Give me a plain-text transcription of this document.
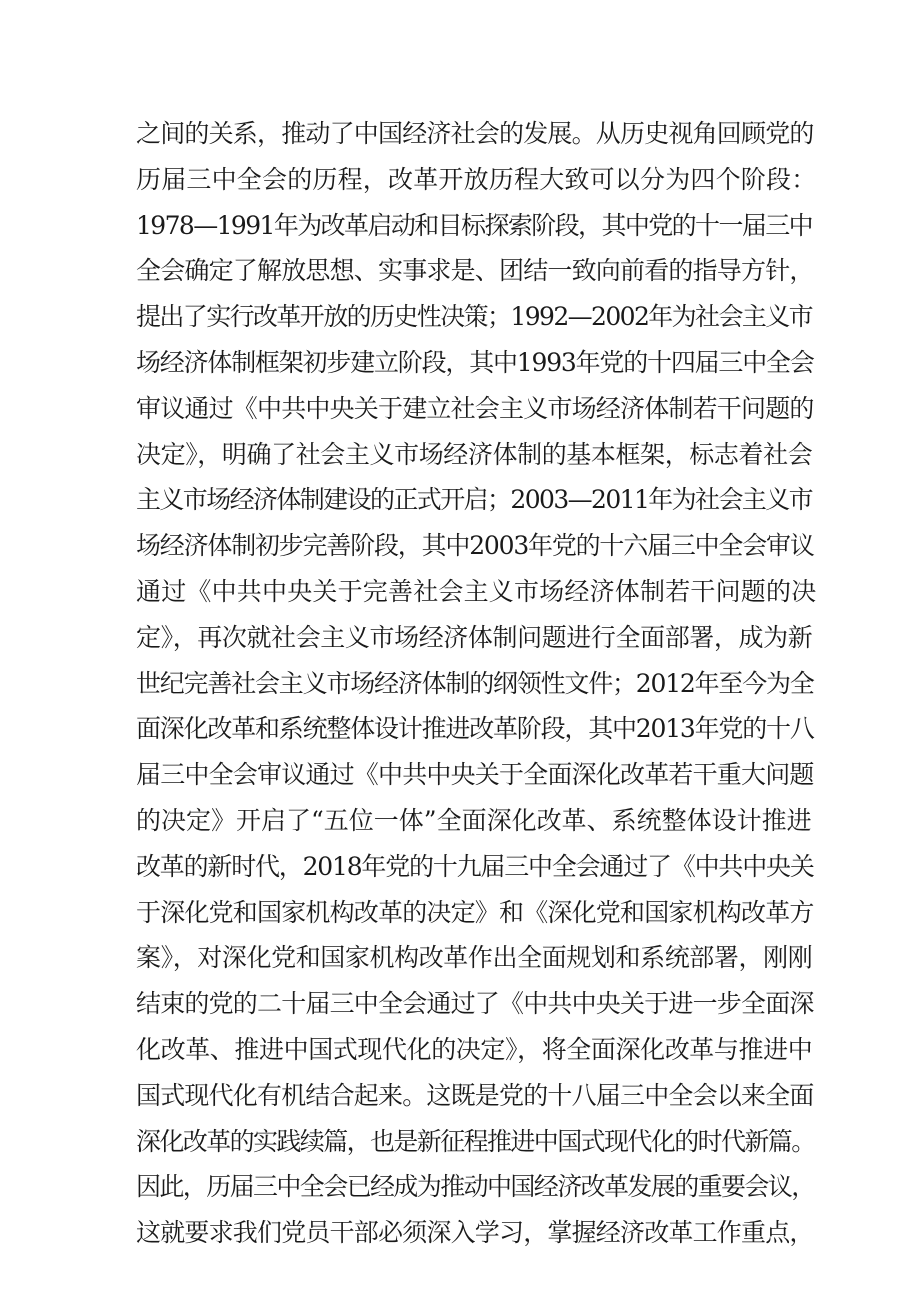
之间的关系，推动了中国经济社会的发展。从历史视角回顾党的
历届三中全会的历程，改革开放历程大致可以分为四个阶段：
1978—1991年为改革启动和目标探索阶段，其中党的十一届三中
全会确定了解放思想、实事求是、团结一致向前看的指导方针，
提出了实行改革开放的历史性决策；1992—2002年为社会主义市
场经济体制框架初步建立阶段，其中1993年党的十四届三中全会
审议通过《中共中央关于建立社会主义市场经济体制若干问题的
决定》，明确了社会主义市场经济体制的基本框架，标志着社会
主义市场经济体制建设的正式开启；2003—2011年为社会主义市
场经济体制初步完善阶段，其中2003年党的十六届三中全会审议
通过《中共中央关于完善社会主义市场经济体制若干问题的决
定》，再次就社会主义市场经济体制问题进行全面部署，成为新
世纪完善社会主义市场经济体制的纲领性文件；2012年至今为全
面深化改革和系统整体设计推进改革阶段，其中2013年党的十八
届三中全会审议通过《中共中央关于全面深化改革若干重大问题
的决定》开启了“五位一体”全面深化改革、系统整体设计推进
改革的新时代，2018年党的十九届三中全会通过了《中共中央关
于深化党和国家机构改革的决定》和《深化党和国家机构改革方
案》，对深化党和国家机构改革作出全面规划和系统部署，刚刚
结束的党的二十届三中全会通过了《中共中央关于进一步全面深
化改革、推进中国式现代化的决定》，将全面深化改革与推进中
国式现代化有机结合起来。这既是党的十八届三中全会以来全面
深化改革的实践续篇，也是新征程推进中国式现代化的时代新篇。
因此，历届三中全会已经成为推动中国经济改革发展的重要会议，
这就要求我们党员干部必须深入学习，掌握经济改革工作重点，
